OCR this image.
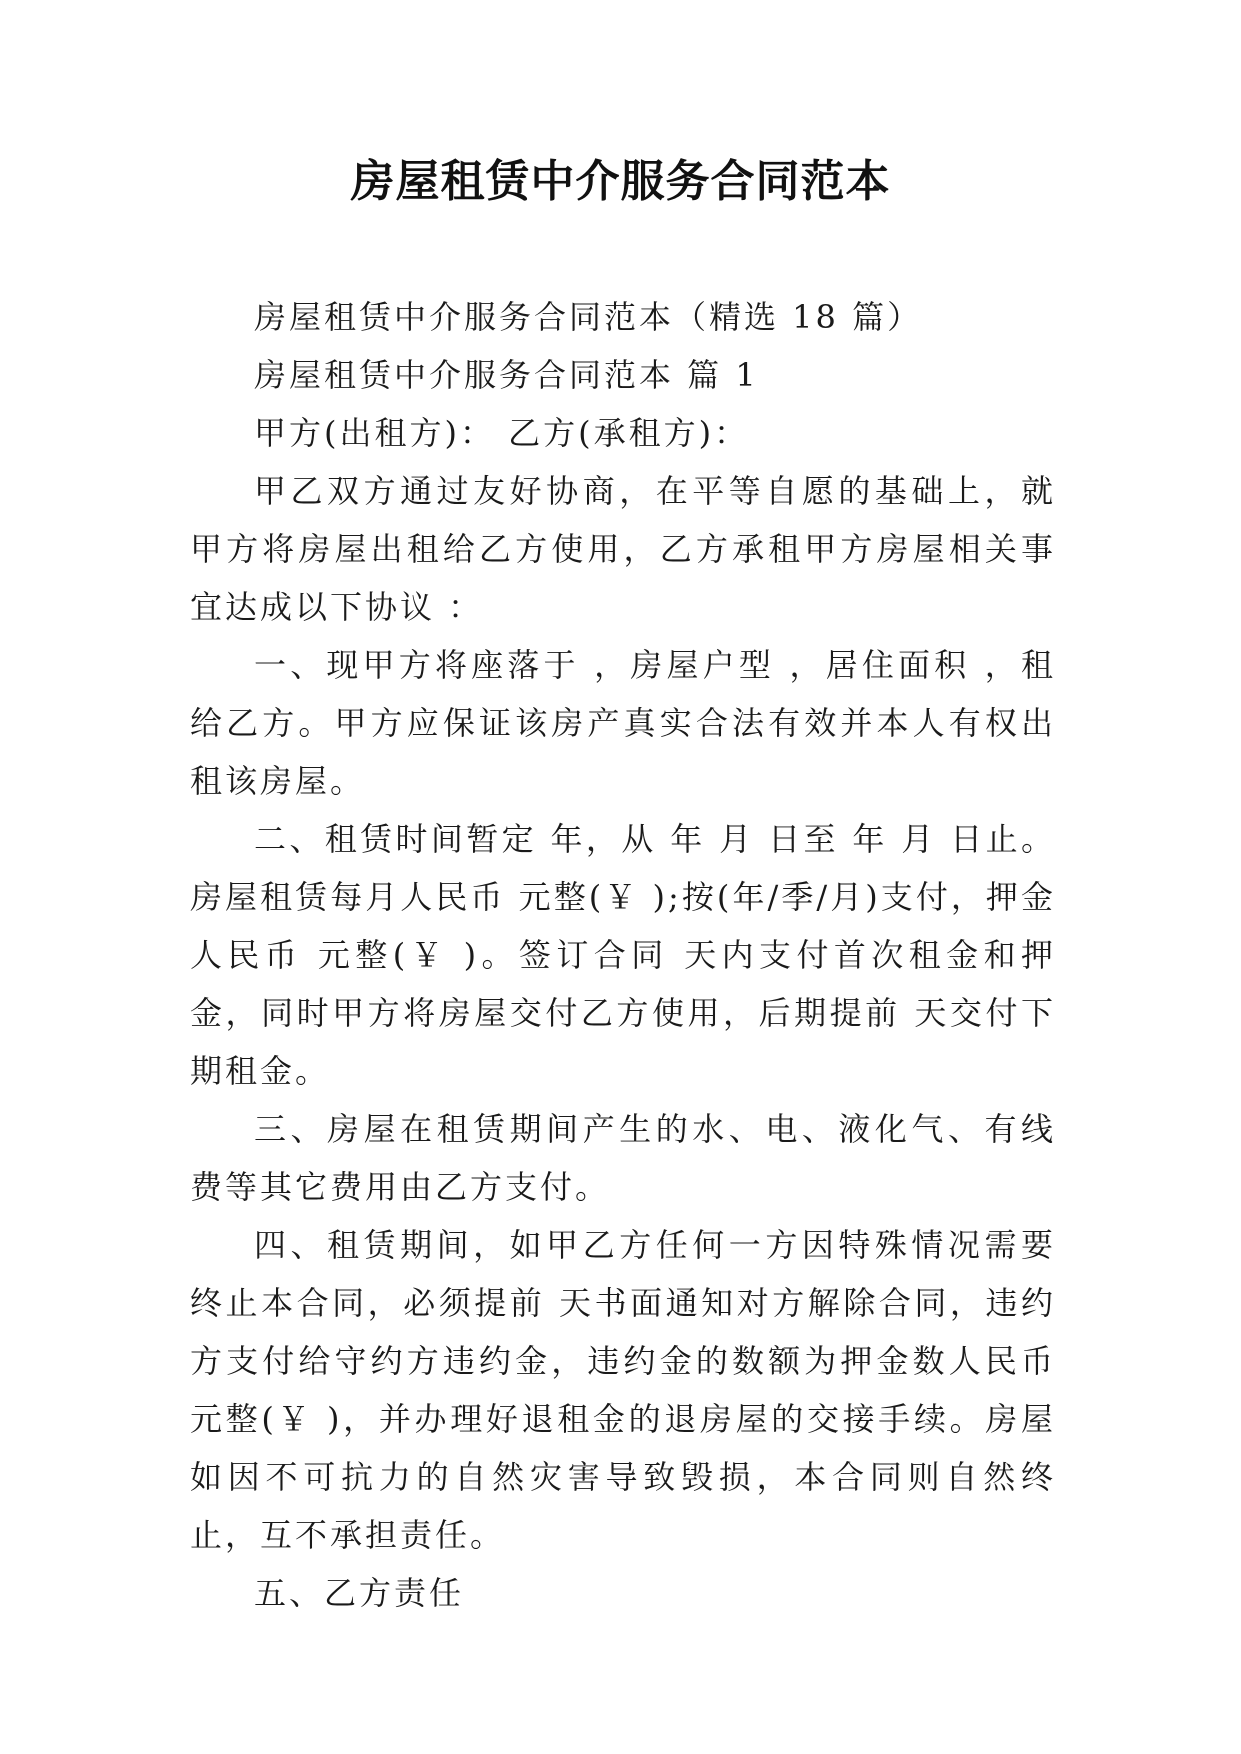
房屋租赁中介服务合同范本

房屋租赁中介服务合同范本（精选 18 篇）

房屋租赁中介服务合同范本 篇 1

甲方(出租方)： 乙方(承租方)：

甲乙双方通过友好协商，在平等自愿的基础上，就甲方将房屋出租给乙方使用，乙方承租甲方房屋相关事宜达成以下协议 ：

一、现甲方将座落于 ，房屋户型 ，居住面积 ，租给乙方。甲方应保证该房产真实合法有效并本人有权出租该房屋。

二、租赁时间暂定 年，从 年 月 日至 年 月 日止。房屋租赁每月人民币 元整(￥ );按(年/季/月)支付，押金人民币 元整(￥ )。签订合同 天内支付首次租金和押金，同时甲方将房屋交付乙方使用，后期提前 天交付下期租金。

三、房屋在租赁期间产生的水、电、液化气、有线费等其它费用由乙方支付。

四、租赁期间，如甲乙方任何一方因特殊情况需要终止本合同，必须提前 天书面通知对方解除合同，违约方支付给守约方违约金，违约金的数额为押金数人民币 元整(￥ )，并办理好退租金的退房屋的交接手续。房屋如因不可抗力的自然灾害导致毁损，本合同则自然终止，互不承担责任。

五、乙方责任
